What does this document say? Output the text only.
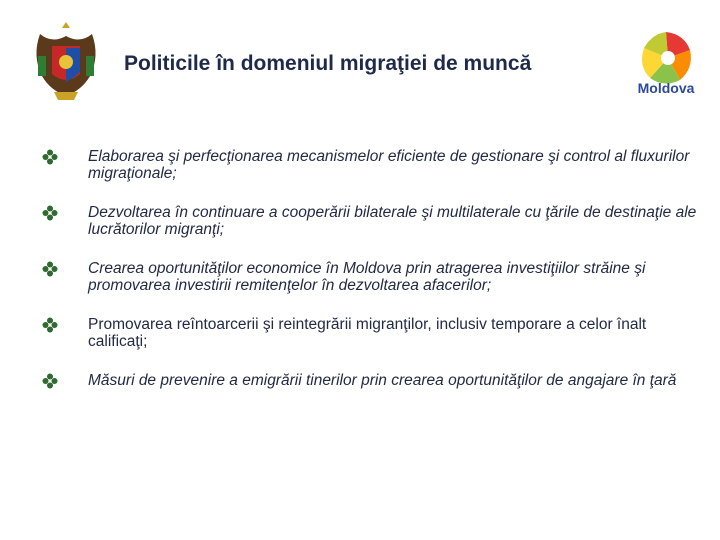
Politicile în domeniul migraţiei de muncă
Moldova
Elaborarea şi perfecţionarea mecanismelor eficiente de gestionare şi control al fluxurilor migraţionale;
Dezvoltarea în continuare a cooperării bilaterale şi multilaterale cu ţările de destinaţie ale lucrătorilor migranţi;
Crearea oportunităţilor economice în Moldova prin atragerea investiţiilor străine şi promovarea investirii remitenţelor în dezvoltarea afacerilor;
Promovarea reîntoarcerii şi reintegrării migranţilor, inclusiv temporare a celor înalt calificaţi;
Măsuri de prevenire a emigrării tinerilor prin crearea oportunităţilor de angajare în ţară
